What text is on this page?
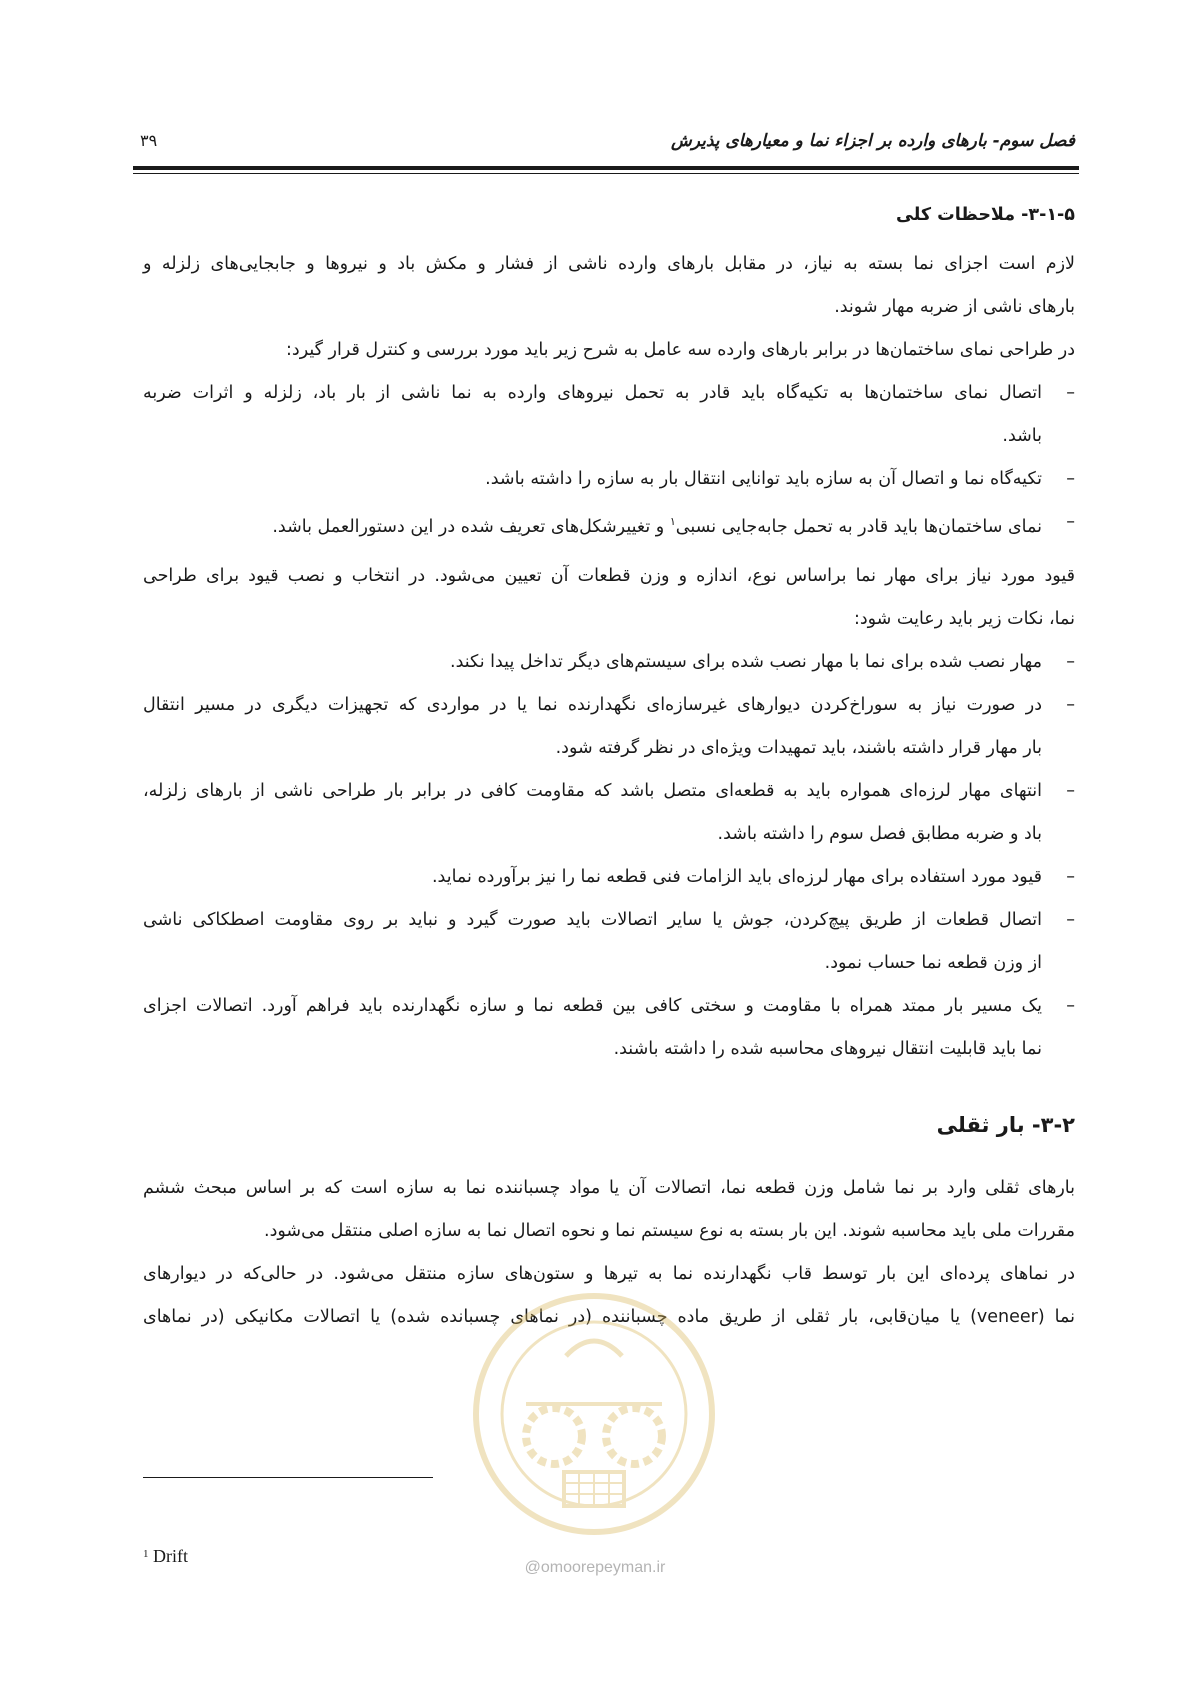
فصل سوم- بارهای وارده بر اجزاء نما و معیارهای پذیرش
۳۹
۳-۱-۵- ملاحظات کلی
لازم است اجزای نما بسته به نیاز، در مقابل بارهای وارده ناشی از فشار و مکش باد و نیروها و جابجایی‌های زلزله و
بارهای ناشی از ضربه مهار شوند.
در طراحی نمای ساختمان‌ها در برابر بارهای وارده سه عامل به شرح زیر باید مورد بررسی و کنترل قرار گیرد:
–
اتصال نمای ساختمان‌ها به تکیه‌گاه باید قادر به تحمل نیروهای وارده به نما ناشی از بار باد، زلزله و اثرات ضربه
باشد.
–
تکیه‌گاه نما و اتصال آن به سازه باید توانایی انتقال بار به سازه را داشته باشد.
–
نمای ساختمان‌ها باید قادر به تحمل جابه‌جایی نسبی$^۱$ و تغییرشکل‌های تعریف شده در این دستورالعمل باشد.
قیود مورد نیاز برای مهار نما براساس نوع، اندازه و وزن قطعات آن تعیین می‌شود. در انتخاب و نصب قیود برای طراحی
نما، نکات زیر باید رعایت شود:
–
مهار نصب شده برای نما با مهار نصب شده برای سیستم‌های دیگر تداخل پیدا نکند.
–
در صورت نیاز به سوراخ‌کردن دیوارهای غیرسازه‌ای نگهدارنده نما یا در مواردی که تجهیزات دیگری در مسیر انتقال
بار مهار قرار داشته باشند، باید تمهیدات ویژه‌ای در نظر گرفته شود.
–
انتهای مهار لرزه‌ای همواره باید به قطعه‌ای متصل باشد که مقاومت کافی در برابر بار طراحی ناشی از بارهای زلزله،
باد و ضربه مطابق فصل سوم را داشته باشد.
–
قیود مورد استفاده برای مهار لرزه‌ای باید الزامات فنی قطعه نما را نیز برآورده نماید.
–
اتصال قطعات از طریق پیچ‌کردن، جوش یا سایر اتصالات باید صورت گیرد و نباید بر روی مقاومت اصطکاکی ناشی
از وزن قطعه نما حساب نمود.
–
یک مسیر بار ممتد همراه با مقاومت و سختی کافی بین قطعه نما و سازه نگهدارنده باید فراهم آورد. اتصالات اجزای
نما باید قابلیت انتقال نیروهای محاسبه شده را داشته باشند.
۳-۲- بار ثقلی
بارهای ثقلی وارد بر نما شامل وزن قطعه نما، اتصالات آن یا مواد چسباننده نما به سازه است که بر اساس مبحث ششم
مقررات ملی باید محاسبه شوند. این بار بسته به نوع سیستم نما و نحوه اتصال نما به سازه اصلی منتقل می‌شود.
در نماهای پرده‌ای این بار توسط قاب نگهدارنده نما به تیرها و ستون‌های سازه منتقل می‌شود. در حالی‌که در دیوارهای
نما (veneer) یا میان‌قابی، بار ثقلی از طریق ماده چسباننده (در نماهای چسبانده شده) یا اتصالات مکانیکی (در نماهای
$^1$ Drift
@omoorepeyman.ir
